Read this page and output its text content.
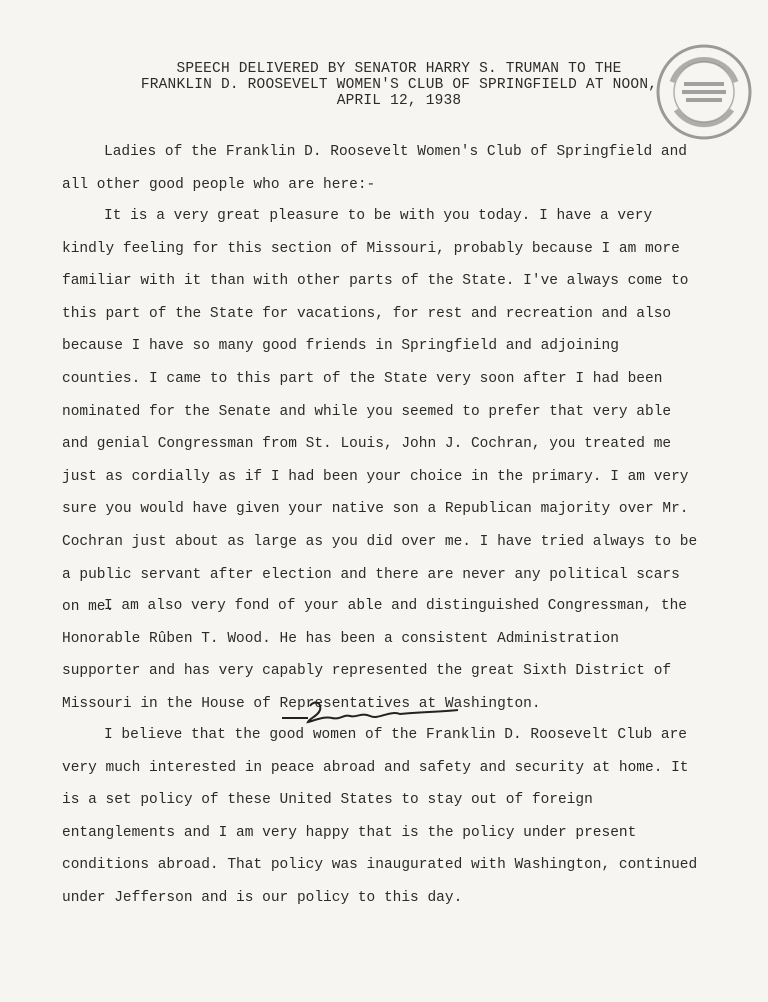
SPEECH DELIVERED BY SENATOR HARRY S. TRUMAN TO THE
FRANKLIN D. ROOSEVELT WOMEN'S CLUB OF SPRINGFIELD AT NOON,
APRIL 12, 1938
Ladies of the Franklin D. Roosevelt Women's Club of Springfield and all other good people who are here:-
It is a very great pleasure to be with you today. I have a very kindly feeling for this section of Missouri, probably because I am more familiar with it than with other parts of the State. I've always come to this part of the State for vacations, for rest and recreation and also because I have so many good friends in Springfield and adjoining counties. I came to this part of the State very soon after I had been nominated for the Senate and while you seemed to prefer that very able and genial Congressman from St. Louis, John J. Cochran, you treated me just as cordially as if I had been your choice in the primary. I am very sure you would have given your native son a Republican majority over Mr. Cochran just about as large as you did over me. I have tried always to be a public servant after election and there are never any political scars on me.
I am also very fond of your able and distinguished Congressman, the Honorable Rûben T. Wood. He has been a consistent Administration supporter and has very capably represented the great Sixth District of Missouri in the House of Representatives at Washington.
I believe that the good women of the Franklin D. Roosevelt Club are very much interested in peace abroad and safety and security at home. It is a set policy of these United States to stay out of foreign entanglements and I am very happy that is the policy under present conditions abroad. That policy was inaugurated with Washington, continued under Jefferson and is our policy to this day.
